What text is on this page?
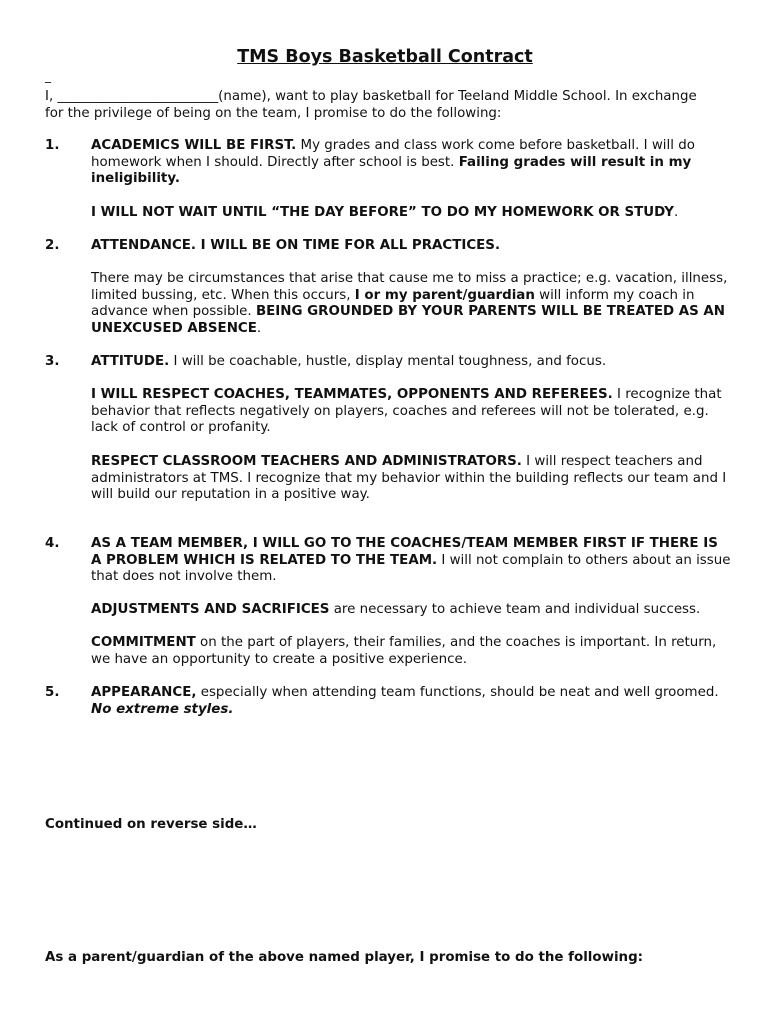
TMS Boys Basketball Contract
_
I, ________________________(name), want to play basketball for Teeland Middle School. In exchange
for the privilege of being on the team, I promise to do the following:
1. ACADEMICS WILL BE FIRST. My grades and class work come before basketball. I will do homework when I should. Directly after school is best. Failing grades will result in my ineligibility.
I WILL NOT WAIT UNTIL “THE DAY BEFORE” TO DO MY HOMEWORK OR STUDY.
2. ATTENDANCE. I WILL BE ON TIME FOR ALL PRACTICES.
There may be circumstances that arise that cause me to miss a practice; e.g. vacation, illness, limited bussing, etc. When this occurs, I or my parent/guardian will inform my coach in advance when possible. BEING GROUNDED BY YOUR PARENTS WILL BE TREATED AS AN UNEXCUSED ABSENCE.
3. ATTITUDE. I will be coachable, hustle, display mental toughness, and focus.
I WILL RESPECT COACHES, TEAMMATES, OPPONENTS AND REFEREES. I recognize that behavior that reflects negatively on players, coaches and referees will not be tolerated, e.g. lack of control or profanity.
RESPECT CLASSROOM TEACHERS AND ADMINISTRATORS. I will respect teachers and administrators at TMS. I recognize that my behavior within the building reflects our team and I will build our reputation in a positive way.
4. AS A TEAM MEMBER, I WILL GO TO THE COACHES/TEAM MEMBER FIRST IF THERE IS A PROBLEM WHICH IS RELATED TO THE TEAM. I will not complain to others about an issue that does not involve them.
ADJUSTMENTS AND SACRIFICES are necessary to achieve team and individual success.
COMMITMENT on the part of players, their families, and the coaches is important. In return, we have an opportunity to create a positive experience.
5. APPEARANCE, especially when attending team functions, should be neat and well groomed. No extreme styles.
Continued on reverse side…
As a parent/guardian of the above named player, I promise to do the following:
